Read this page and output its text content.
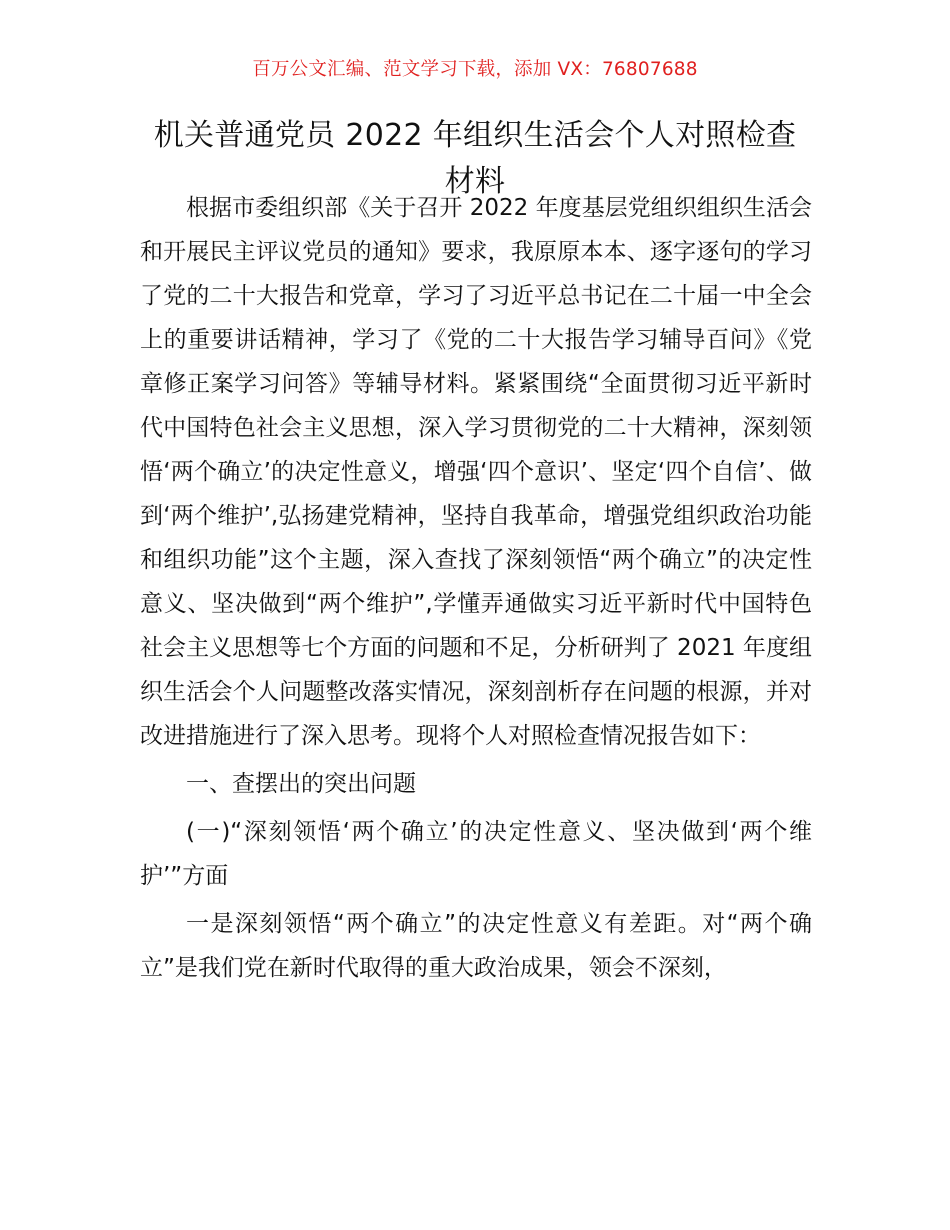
百万公文汇编、范文学习下载，添加 VX：76807688
机关普通党员 2022 年组织生活会个人对照检查
材料

根据市委组织部《关于召开 2022 年度基层党组织组织生活会和开展民主评议党员的通知》要求，我原原本本、逐字逐句的学习了党的二十大报告和党章，学习了习近平总书记在二十届一中全会上的重要讲话精神，学习了《党的二十大报告学习辅导百问》《党章修正案学习问答》等辅导材料。紧紧围绕“全面贯彻习近平新时代中国特色社会主义思想，深入学习贯彻党的二十大精神，深刻领悟‘两个确立’的决定性意义，增强‘四个意识’、坚定‘四个自信’、做到‘两个维护’,弘扬建党精神，坚持自我革命，增强党组织政治功能和组织功能”这个主题，深入查找了深刻领悟“两个确立”的决定性意义、坚决做到“两个维护”,学懂弄通做实习近平新时代中国特色社会主义思想等七个方面的问题和不足，分析研判了 2021 年度组织生活会个人问题整改落实情况，深刻剖析存在问题的根源，并对改进措施进行了深入思考。现将个人对照检查情况报告如下：

一、查摆出的突出问题

(一)“深刻领悟‘两个确立’的决定性意义、坚决做到‘两个维护’”方面

一是深刻领悟“两个确立”的决定性意义有差距。对“两个确立”是我们党在新时代取得的重大政治成果，领会不深刻，
